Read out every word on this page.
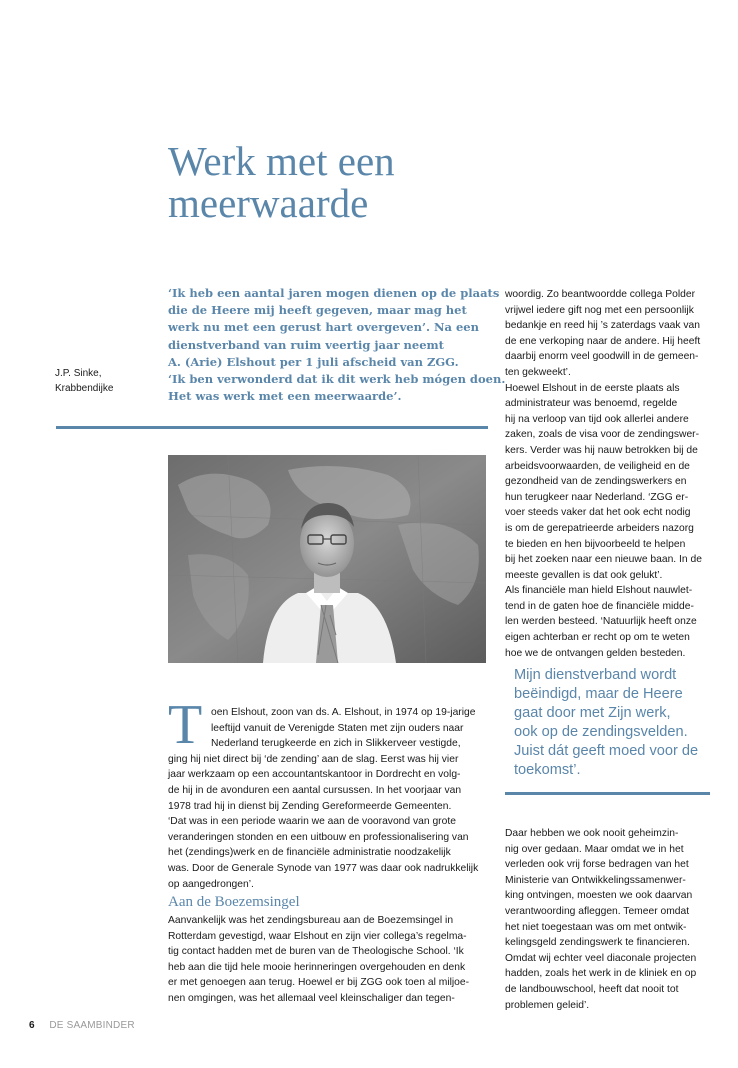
Werk met een
meerwaarde
‘Ik heb een aantal jaren mogen dienen op de plaats
die de Heere mij heeft gegeven, maar mag het
werk nu met een gerust hart overgeven’. Na een
dienstverband van ruim veertig jaar neemt
A. (Arie) Elshout per 1 juli afscheid van ZGG.
‘Ik ben verwonderd dat ik dit werk heb mógen doen.
Het was werk met een meerwaarde’.
J.P. Sinke,
Krabbendijke
T oen Elshout, zoon van ds. A. Elshout, in 1974 op 19-jarige
leeftijd vanuit de Verenigde Staten met zijn ouders naar
Nederland terugkeerde en zich in Slikkerveer vestigde,
ging hij niet direct bij ‘de zending’ aan de slag. Eerst was hij vier
jaar werkzaam op een accountantskantoor in Dordrecht en volg-
de hij in de avonduren een aantal cursussen. In het voorjaar van
1978 trad hij in dienst bij Zending Gereformeerde Gemeenten.
‘Dat was in een periode waarin we aan de vooravond van grote
veranderingen stonden en een uitbouw en professionalisering van
het (zendings)werk en de financiële administratie noodzakelijk
was. Door de Generale Synode van 1977 was daar ook nadrukkelijk
op aangedrongen’.
Aan de Boezemsingel
Aanvankelijk was het zendingsbureau aan de Boezemsingel in
Rotterdam gevestigd, waar Elshout en zijn vier collega’s regelma-
tig contact hadden met de buren van de Theologische School. ‘Ik
heb aan die tijd hele mooie herinneringen overgehouden en denk
er met genoegen aan terug. Hoewel er bij ZGG ook toen al miljoe-
nen omgingen, was het allemaal veel kleinschaliger dan tegen-
woordig. Zo beantwoordde collega Polder
vrijwel iedere gift nog met een persoonlijk
bedankje en reed hij ’s zaterdags vaak van
de ene verkoping naar de andere. Hij heeft
daarbij enorm veel goodwill in de gemeen-
ten gekweekt’.
Hoewel Elshout in de eerste plaats als
administrateur was benoemd, regelde
hij na verloop van tijd ook allerlei andere
zaken, zoals de visa voor de zendingswer-
kers. Verder was hij nauw betrokken bij de
arbeidsvoorwaarden, de veiligheid en de
gezondheid van de zendingswerkers en
hun terugkeer naar Nederland. ‘ZGG er-
voer steeds vaker dat het ook echt nodig
is om de gerepatrieerde arbeiders nazorg
te bieden en hen bijvoorbeeld te helpen
bij het zoeken naar een nieuwe baan. In de
meeste gevallen is dat ook gelukt’.
Als financiële man hield Elshout nauwlet-
tend in de gaten hoe de financiële midde-
len werden besteed. ‘Natuurlijk heeft onze
eigen achterban er recht op om te weten
hoe we de ontvangen gelden besteden.
Mijn dienstverband wordt
beëindigd, maar de Heere
gaat door met Zijn werk,
ook op de zendingsvelden.
Juist dát geeft moed voor de
toekomst’.
Daar hebben we ook nooit geheimzin-
nig over gedaan. Maar omdat we in het
verleden ook vrij forse bedragen van het
Ministerie van Ontwikkelingssamenwer-
king ontvingen, moesten we ook daarvan
verantwoording afleggen. Temeer omdat
het niet toegestaan was om met ontwik-
kelingsgeld zendingswerk te financieren.
Omdat wij echter veel diaconale projecten
hadden, zoals het werk in de kliniek en op
de landbouwschool, heeft dat nooit tot
problemen geleid’.
6 DE SAAMBINDER
